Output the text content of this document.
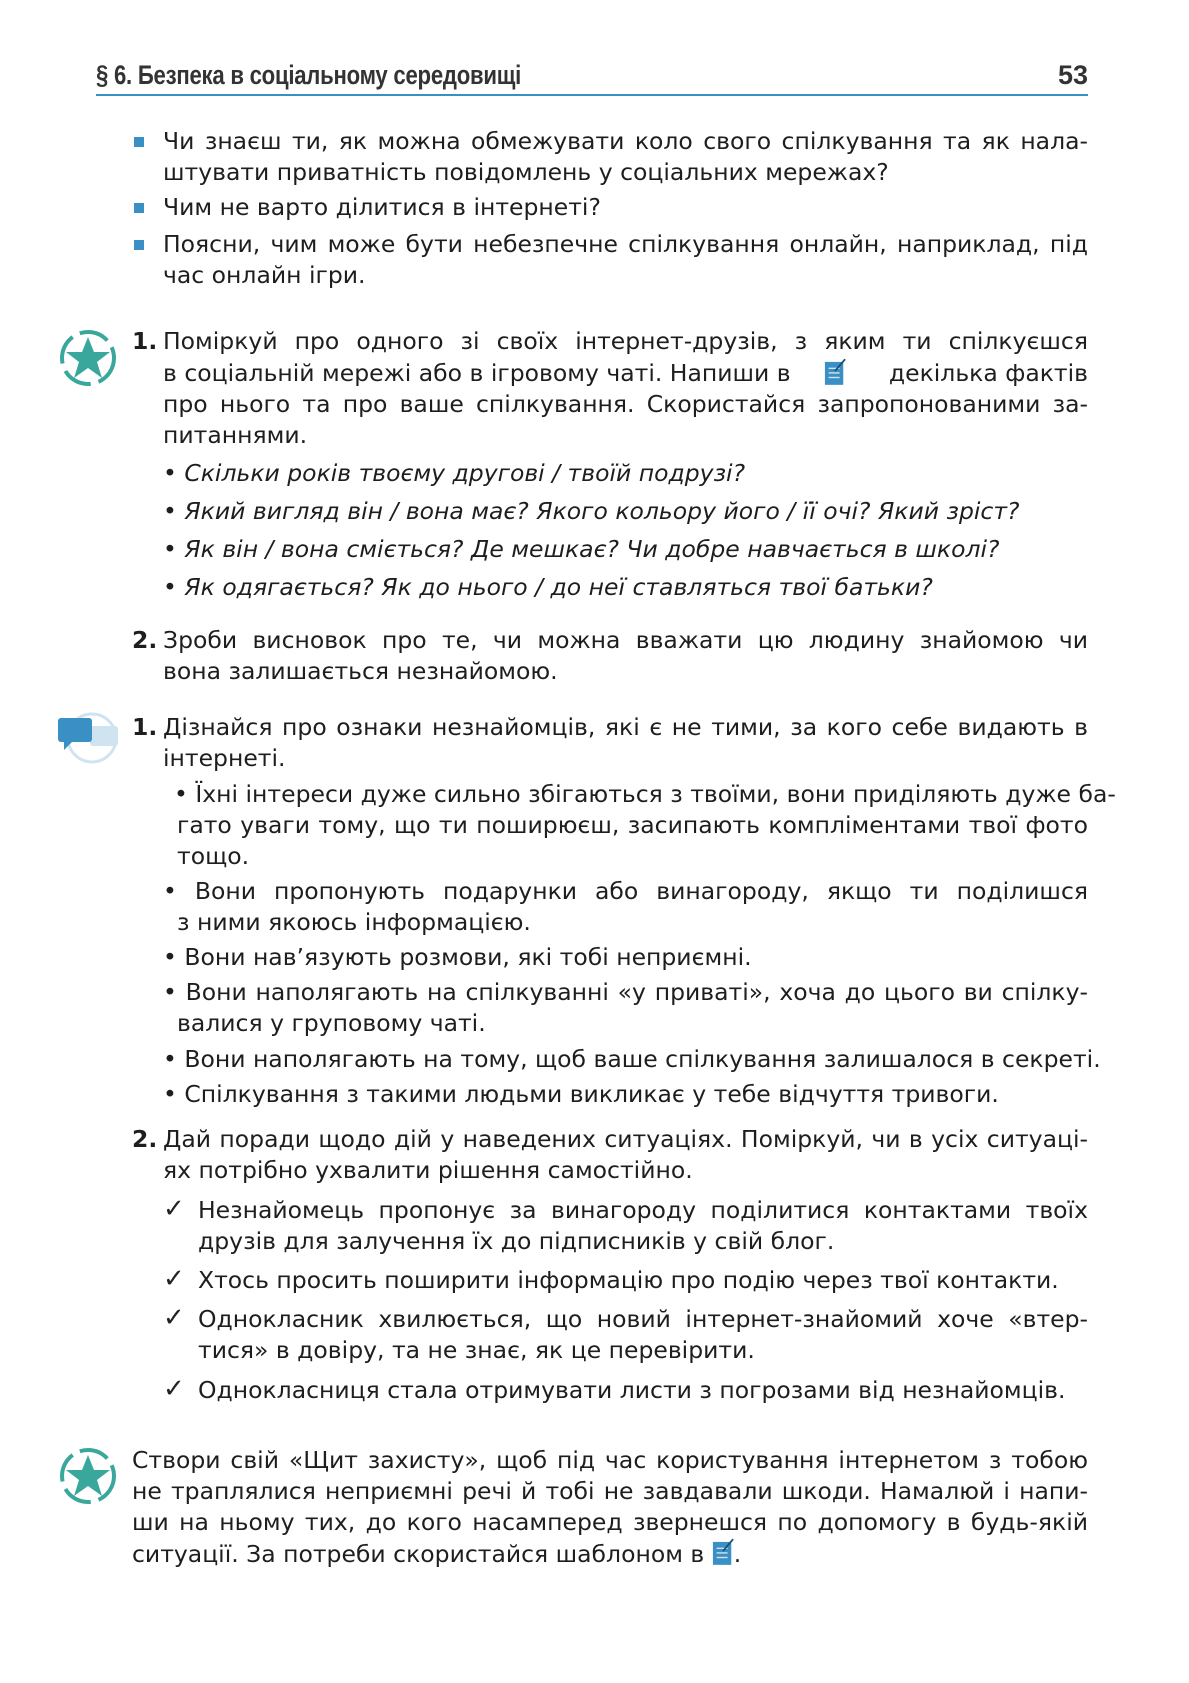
§ 6. Безпека в соціальному середовищі	53
Чи знаєш ти, як можна обмежувати коло свого спілкування та як нала-
штувати приватність повідомлень у соціальних мережах?
Чим не варто ділитися в інтернеті?
Поясни, чим може бути небезпечне спілкування онлайн, наприклад, під
час онлайн ігри.
1. Поміркуй про одного зі своїх інтернет-друзів, з яким ти спілкуєшся
в соціальній мережі або в ігровому чаті. Напиши в	декілька фактів
про нього та про ваше спілкування. Скористайся запропонованими за-
питаннями.
• Скільки років твоєму другові / твоїй подрузі?
• Який вигляд він / вона має? Якого кольору його / її очі? Який зріст?
• Як він / вона сміється? Де мешкає? Чи добре навчається в школі?
• Як одягається? Як до нього / до неї ставляться твої батьки?
2. Зроби висновок про те, чи можна вважати цю людину знайомою чи
вона залишається незнайомою.
1. Дізнайся про ознаки незнайомців, які є не тими, за кого себе видають в
інтернеті.
• Їхні інтереси дуже сильно збігаються з твоїми, вони приділяють дуже ба-
гато уваги тому, що ти поширюєш, засипають компліментами твої фото
тощо.
• Вони пропонують подарунки або винагороду, якщо ти поділишся
з ними якоюсь інформацією.
• Вони нав’язують розмови, які тобі неприємні.
• Вони наполягають на спілкуванні «у приваті», хоча до цього ви спілку-
валися у груповому чаті.
• Вони наполягають на тому, щоб ваше спілкування залишалося в секреті.
• Спілкування з такими людьми викликає у тебе відчуття тривоги.
2. Дай поради щодо дій у наведених ситуаціях. Поміркуй, чи в усіх ситуаці-
ях потрібно ухвалити рішення самостійно.
✓ Незнайомець пропонує за винагороду поділитися контактами твоїх
друзів для залучення їх до підписників у свій блог.
✓ Хтось просить поширити інформацію про подію через твої контакти.
✓ Однокласник хвилюється, що новий інтернет-знайомий хоче «втер-
тися» в довіру, та не знає, як це перевірити.
✓ Однокласниця стала отримувати листи з погрозами від незнайомців.
Створи свій «Щит захисту», щоб під час користування інтернетом з тобою
не траплялися неприємні речі й тобі не завдавали шкоди. Намалюй і напи-
ши на ньому тих, до кого насамперед звернешся по допомогу в будь-якій
ситуації. За потреби скористайся шаблоном в .
